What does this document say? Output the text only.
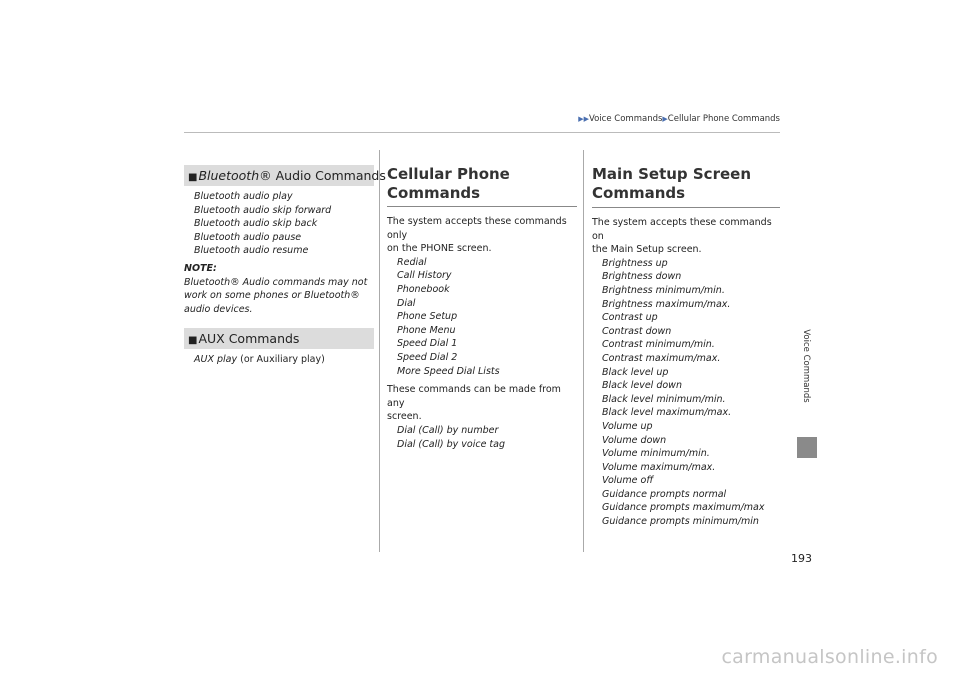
▶▶Voice Commands▶Cellular Phone Commands
■Bluetooth® Audio Commands
Bluetooth audio play
Bluetooth audio skip forward
Bluetooth audio skip back
Bluetooth audio pause
Bluetooth audio resume
NOTE:
Bluetooth® Audio commands may not
work on some phones or Bluetooth®
audio devices.
■AUX Commands
AUX play (or Auxiliary play)
Cellular Phone Commands
The system accepts these commands only
on the PHONE screen.
Redial
Call History
Phonebook
Dial
Phone Setup
Phone Menu
Speed Dial 1
Speed Dial 2
More Speed Dial Lists
These commands can be made from any
screen.
Dial (Call) by number
Dial (Call) by voice tag
Main Setup Screen
Commands
The system accepts these commands on
the Main Setup screen.
Brightness up
Brightness down
Brightness minimum/min.
Brightness maximum/max.
Contrast up
Contrast down
Contrast minimum/min.
Contrast maximum/max.
Black level up
Black level down
Black level minimum/min.
Black level maximum/max.
Volume up
Volume down
Volume minimum/min.
Volume maximum/max.
Volume off
Guidance prompts normal
Guidance prompts maximum/max
Guidance prompts minimum/min
Voice Commands
193
carmanualsonline.info
